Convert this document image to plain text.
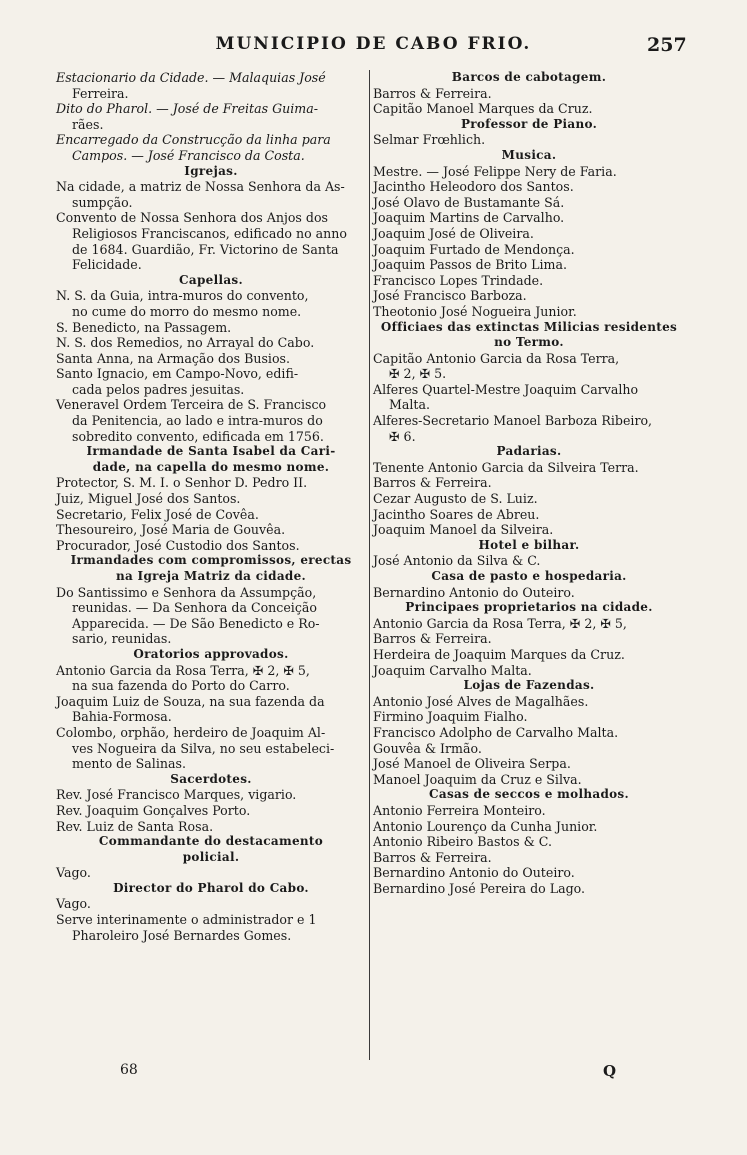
MUNICIPIO DE CABO FRIO.	257
Estacionario da Cidade. — Malaquias José
Ferreira.
Dito do Pharol. — José de Freitas Guima-
rães.
Encarregado da Construcção da linha para
Campos. — José Francisco da Costa.
Igrejas.
Na cidade, a matriz de Nossa Senhora da As-
sumpção.
Convento de Nossa Senhora dos Anjos dos
Religiosos Franciscanos, edificado no anno
de 1684. Guardião, Fr. Victorino de Santa
Felicidade.
Capellas.
N. S. da Guia, intra-muros do convento,
no cume do morro do mesmo nome.
S. Benedicto, na Passagem.
N. S. dos Remedios, no Arrayal do Cabo.
Santa Anna, na Armação dos Busios.
Santo Ignacio, em Campo-Novo, edifi-
cada pelos padres jesuitas.
Veneravel Ordem Terceira de S. Francisco
da Penitencia, ao lado e intra-muros do
sobredito convento, edificada em 1756.
Irmandade de Santa Isabel da Cari-
dade, na capella do mesmo nome.
Protector, S. M. I. o Senhor D. Pedro II.
Juiz, Miguel José dos Santos.
Secretario, Felix José de Covêa.
Thesoureiro, José Maria de Gouvêa.
Procurador, José Custodio dos Santos.
Irmandades com compromissos, erectas
na Igreja Matriz da cidade.
Do Santissimo e Senhora da Assumpção,
reunidas. — Da Senhora da Conceição
Apparecida. — De São Benedicto e Ro-
sario, reunidas.
Oratorios approvados.
Antonio Garcia da Rosa Terra, ✠ 2, ✠ 5,
na sua fazenda do Porto do Carro.
Joaquim Luiz de Souza, na sua fazenda da
Bahia-Formosa.
Colombo, orphão, herdeiro de Joaquim Al-
ves Nogueira da Silva, no seu estabeleci-
mento de Salinas.
Sacerdotes.
Rev. José Francisco Marques, vigario.
Rev. Joaquim Gonçalves Porto.
Rev. Luiz de Santa Rosa.
Commandante do destacamento
policial.
Vago.
Director do Pharol do Cabo.
Vago.
Serve interinamente o administrador e 1
Pharoleiro José Bernardes Gomes.
Barcos de cabotagem.
Barros & Ferreira.
Capitão Manoel Marques da Cruz.
Professor de Piano.
Selmar Frœhlich.
Musica.
Mestre. — José Felippe Nery de Faria.
Jacintho Heleodoro dos Santos.
José Olavo de Bustamante Sá.
Joaquim Martins de Carvalho.
Joaquim José de Oliveira.
Joaquim Furtado de Mendonça.
Joaquim Passos de Brito Lima.
Francisco Lopes Trindade.
José Francisco Barboza.
Theotonio José Nogueira Junior.
Officiaes das extinctas Milicias residentes
no Termo.
Capitão Antonio Garcia da Rosa Terra,
✠ 2, ✠ 5.
Alferes Quartel-Mestre Joaquim Carvalho
Malta.
Alferes-Secretario Manoel Barboza Ribeiro,
✠ 6.
Padarias.
Tenente Antonio Garcia da Silveira Terra.
Barros & Ferreira.
Cezar Augusto de S. Luiz.
Jacintho Soares de Abreu.
Joaquim Manoel da Silveira.
Hotel e bilhar.
José Antonio da Silva & C.
Casa de pasto e hospedaria.
Bernardino Antonio do Outeiro.
Principaes proprietarios na cidade.
Antonio Garcia da Rosa Terra, ✠ 2, ✠ 5,
Barros & Ferreira.
Herdeira de Joaquim Marques da Cruz.
Joaquim Carvalho Malta.
Lojas de Fazendas.
Antonio José Alves de Magalhães.
Firmino Joaquim Fialho.
Francisco Adolpho de Carvalho Malta.
Gouvêa & Irmão.
José Manoel de Oliveira Serpa.
Manoel Joaquim da Cruz e Silva.
Casas de seccos e molhados.
Antonio Ferreira Monteiro.
Antonio Lourenço da Cunha Junior.
Antonio Ribeiro Bastos & C.
Barros & Ferreira.
Bernardino Antonio do Outeiro.
Bernardino José Pereira do Lago.
68	Q
